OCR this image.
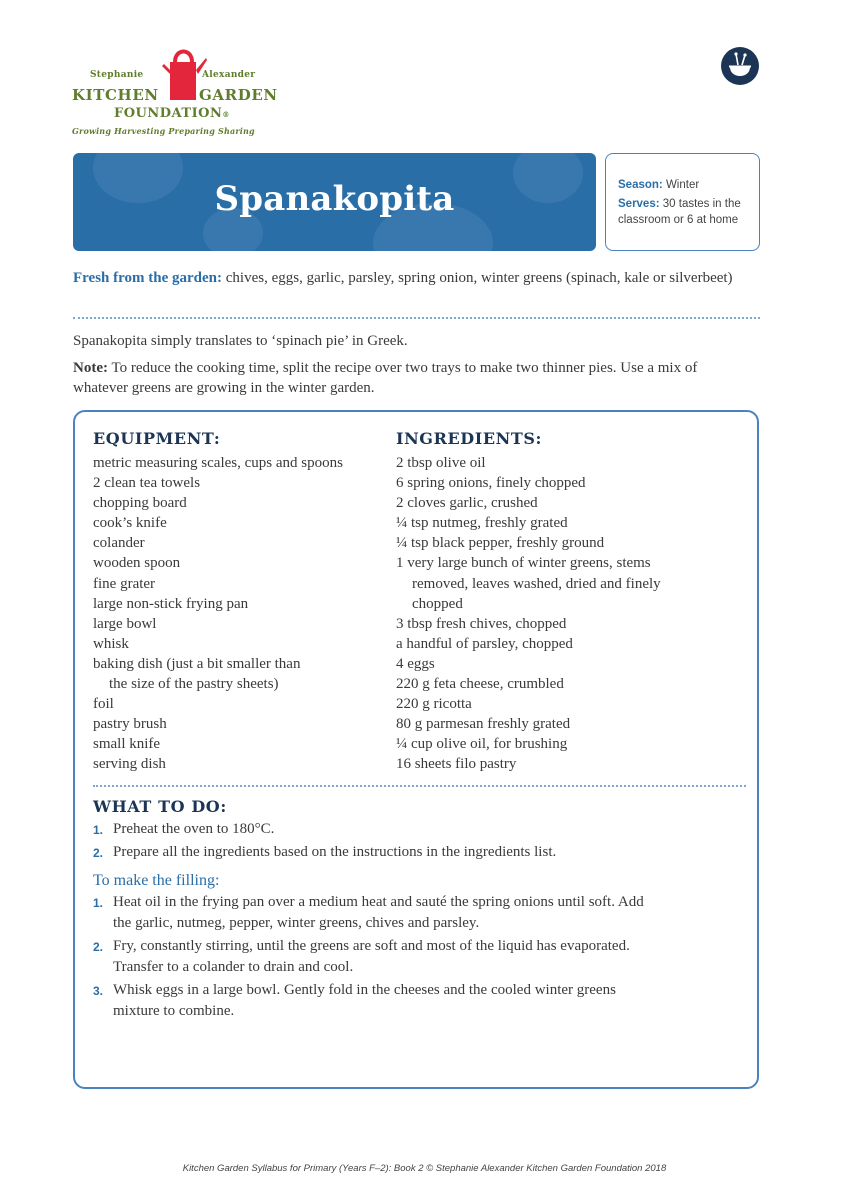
Stephanie	Alexander
KITCHEN	GARDEN
FOUNDATION®
Growing Harvesting Preparing Sharing
Spanakopita	Season: Winter

Serves: 30 tastes in the classroom or 6 at home

Fresh from the garden: chives, eggs, garlic, parsley, spring onion, winter greens (spinach, kale or silverbeet)
Spanakopita simply translates to ‘spinach pie’ in Greek.
Note: To reduce the cooking time, split the recipe over two trays to make two thinner pies. Use a mix of whatever greens are growing in the winter garden.
EQUIPMENT:
metric measuring scales, cups and spoons
2 clean tea towels
chopping board
cook’s knife
colander
wooden spoon
fine grater
large non-stick frying pan
large bowl
whisk
baking dish (just a bit smaller than
the size of the pastry sheets)
foil
pastry brush
small knife
serving dish
INGREDIENTS:
2 tbsp olive oil
6 spring onions, finely chopped
2 cloves garlic, crushed
¼ tsp nutmeg, freshly grated
¼ tsp black pepper, freshly ground
1 very large bunch of winter greens, stems
removed, leaves washed, dried and finely
chopped
3 tbsp fresh chives, chopped
a handful of parsley, chopped
4 eggs
220 g feta cheese, crumbled
220 g ricotta
80 g parmesan freshly grated
¼ cup olive oil, for brushing
16 sheets filo pastry
WHAT TO DO:
1. Preheat the oven to 180°C.
2. Prepare all the ingredients based on the instructions in the ingredients list.
To make the filling:
1. Heat oil in the frying pan over a medium heat and sauté the spring onions until soft. Add the garlic, nutmeg, pepper, winter greens, chives and parsley.
2. Fry, constantly stirring, until the greens are soft and most of the liquid has evaporated. Transfer to a colander to drain and cool.
3. Whisk eggs in a large bowl. Gently fold in the cheeses and the cooled winter greens mixture to combine.
Kitchen Garden Syllabus for Primary (Years F–2): Book 2 © Stephanie Alexander Kitchen Garden Foundation 2018
